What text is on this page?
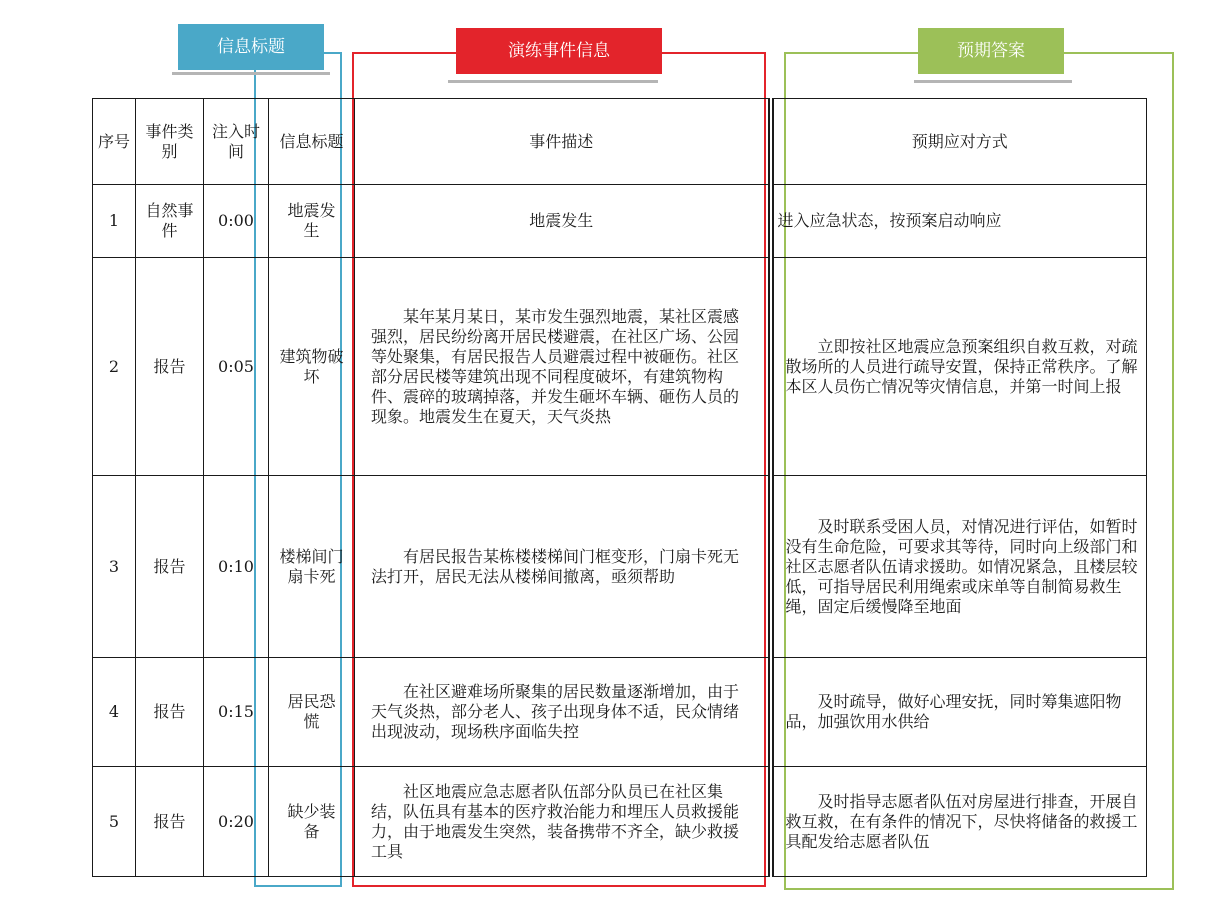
序号	事件类别	注入时间	信息标题	事件描述	预期应对方式
1	自然事件	0:00	地震发生	地震发生	进入应急状态，按预案启动响应
2	报告	0:05	建筑物破坏	某年某月某日，某市发生强烈地震，某社区震感强烈，居民纷纷离开居民楼避震，在社区广场、公园等处聚集，有居民报告人员避震过程中被砸伤。社区部分居民楼等建筑出现不同程度破坏，有建筑物构件、震碎的玻璃掉落，并发生砸坏车辆、砸伤人员的现象。地震发生在夏天，天气炎热	立即按社区地震应急预案组织自救互救，对疏散场所的人员进行疏导安置，保持正常秩序。了解本区人员伤亡情况等灾情信息，并第一时间上报
3	报告	0:10	楼梯间门扇卡死	有居民报告某栋楼楼梯间门框变形，门扇卡死无法打开，居民无法从楼梯间撤离，亟须帮助	及时联系受困人员，对情况进行评估，如暂时没有生命危险，可要求其等待，同时向上级部门和社区志愿者队伍请求援助。如情况紧急，且楼层较低，可指导居民利用绳索或床单等自制简易救生绳，固定后缓慢降至地面
4	报告	0:15	居民恐慌	在社区避难场所聚集的居民数量逐渐增加，由于天气炎热，部分老人、孩子出现身体不适，民众情绪出现波动，现场秩序面临失控	及时疏导，做好心理安抚，同时筹集遮阳物品，加强饮用水供给
5	报告	0:20	缺少装备	社区地震应急志愿者队伍部分队员已在社区集结，队伍具有基本的医疗救治能力和埋压人员救援能力，由于地震发生突然，装备携带不齐全，缺少救援工具	及时指导志愿者队伍对房屋进行排查，开展自救互救，在有条件的情况下，尽快将储备的救援工具配发给志愿者队伍
信息标题	演练事件信息	预期答案
